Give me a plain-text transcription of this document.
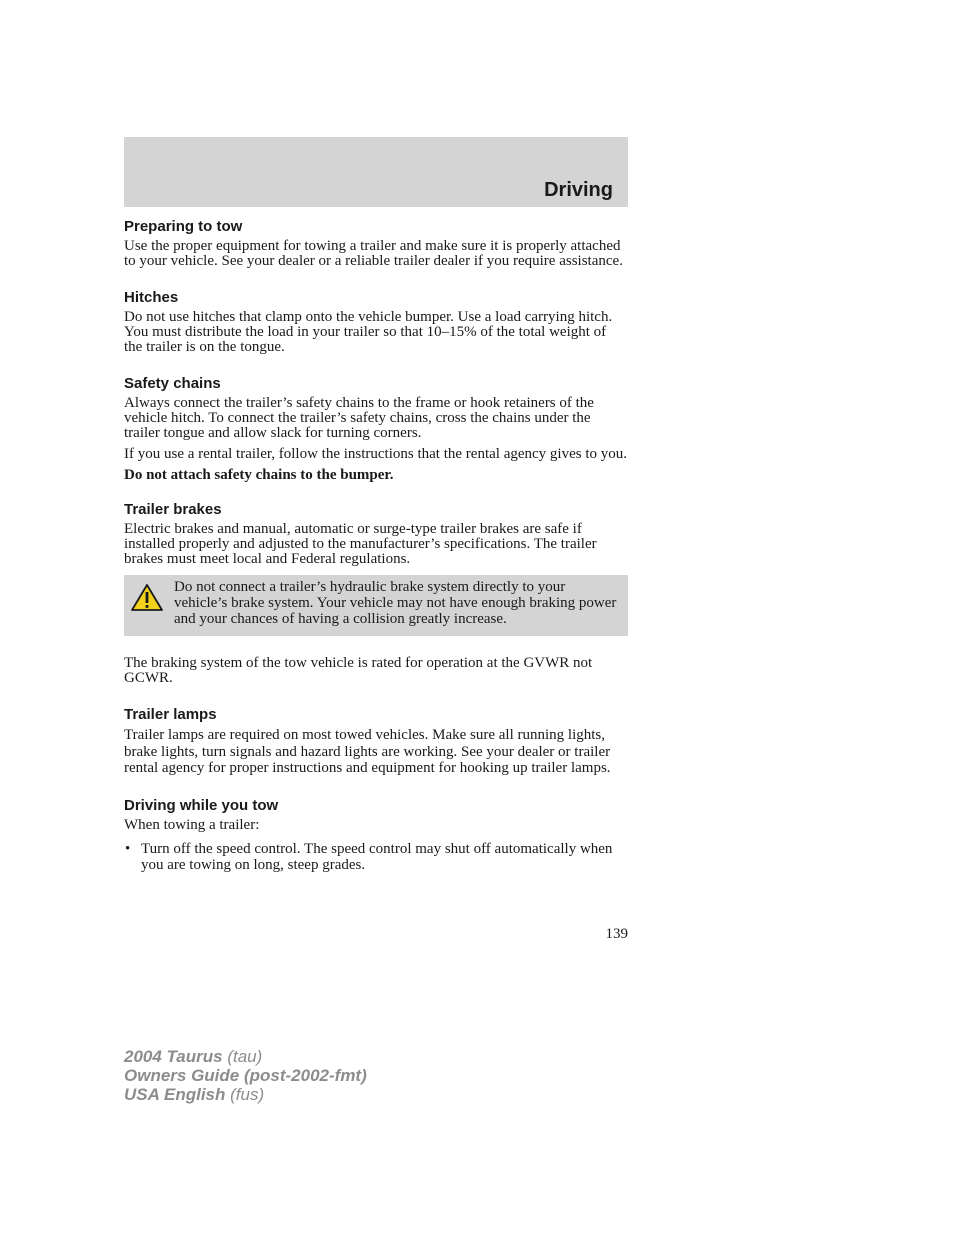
Driving
Preparing to tow

Use the proper equipment for towing a trailer and make sure it is properly attached to your vehicle. See your dealer or a reliable trailer dealer if you require assistance.

Hitches

Do not use hitches that clamp onto the vehicle bumper. Use a load carrying hitch. You must distribute the load in your trailer so that 10–15% of the total weight of the trailer is on the tongue.

Safety chains

Always connect the trailer’s safety chains to the frame or hook retainers of the vehicle hitch. To connect the trailer’s safety chains, cross the chains under the trailer tongue and allow slack for turning corners.

If you use a rental trailer, follow the instructions that the rental agency gives to you.

Do not attach safety chains to the bumper.

Trailer brakes

Electric brakes and manual, automatic or surge-type trailer brakes are safe if installed properly and adjusted to the manufacturer’s specifications. The trailer brakes must meet local and Federal regulations.

Do not connect a trailer’s hydraulic brake system directly to your vehicle’s brake system. Your vehicle may not have enough braking power and your chances of having a collision greatly increase.

The braking system of the tow vehicle is rated for operation at the GVWR not GCWR.

Trailer lamps

Trailer lamps are required on most towed vehicles. Make sure all running lights, brake lights, turn signals and hazard lights are working. See your dealer or trailer rental agency for proper instructions and equipment for hooking up trailer lamps.

Driving while you tow

When towing a trailer:

• Turn off the speed control. The speed control may shut off automatically when you are towing on long, steep grades.
139
2004 Taurus (tau)
Owners Guide (post-2002-fmt)
USA English (fus)
